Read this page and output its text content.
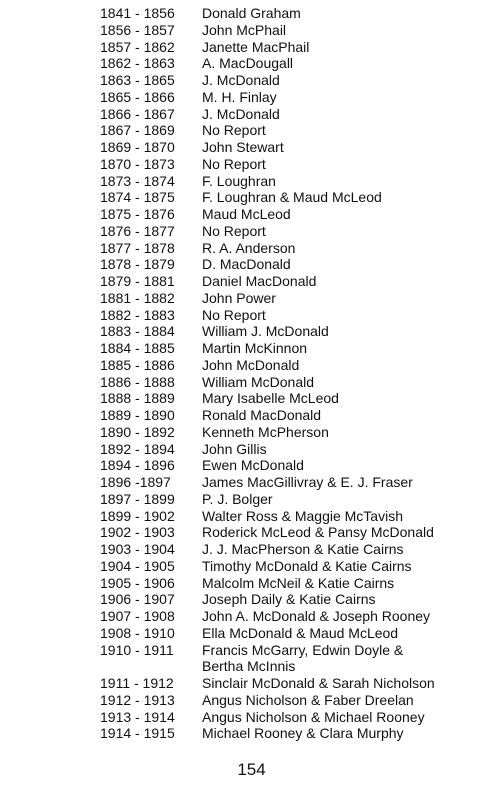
1841 - 1856	Donald Graham
1856 - 1857	John McPhail
1857 - 1862	Janette MacPhail
1862 - 1863	A. MacDougall
1863 - 1865	J. McDonald
1865 - 1866	M. H. Finlay
1866 - 1867	J. McDonald
1867 - 1869	No Report
1869 - 1870	John Stewart
1870 - 1873	No Report
1873 - 1874	F. Loughran
1874 - 1875	F. Loughran & Maud McLeod
1875 - 1876	Maud McLeod
1876 - 1877	No Report
1877 - 1878	R. A. Anderson
1878 - 1879	D. MacDonald
1879 - 1881	Daniel MacDonald
1881 - 1882	John Power
1882 - 1883	No Report
1883 - 1884	William J. McDonald
1884 - 1885	Martin McKinnon
1885 - 1886	John McDonald
1886 - 1888	William McDonald
1888 - 1889	Mary Isabelle McLeod
1889 - 1890	Ronald MacDonald
1890 - 1892	Kenneth McPherson
1892 - 1894	John Gillis
1894 - 1896	Ewen McDonald
1896 -1897	James MacGillivray & E. J. Fraser
1897 - 1899	P. J. Bolger
1899 - 1902	Walter Ross & Maggie McTavish
1902 - 1903	Roderick McLeod & Pansy McDonald
1903 - 1904	J. J. MacPherson & Katie Cairns
1904 - 1905	Timothy McDonald & Katie Cairns
1905 - 1906	Malcolm McNeil & Katie Cairns
1906 - 1907	Joseph Daily & Katie Cairns
1907 - 1908	John A. McDonald & Joseph Rooney
1908 - 1910	Ella McDonald & Maud McLeod
1910 - 1911	Francis McGarry, Edwin Doyle &
Bertha McInnis
1911 - 1912	Sinclair McDonald & Sarah Nicholson
1912 - 1913	Angus Nicholson & Faber Dreelan
1913 - 1914	Angus Nicholson & Michael Rooney
1914 - 1915	Michael Rooney & Clara Murphy
154
